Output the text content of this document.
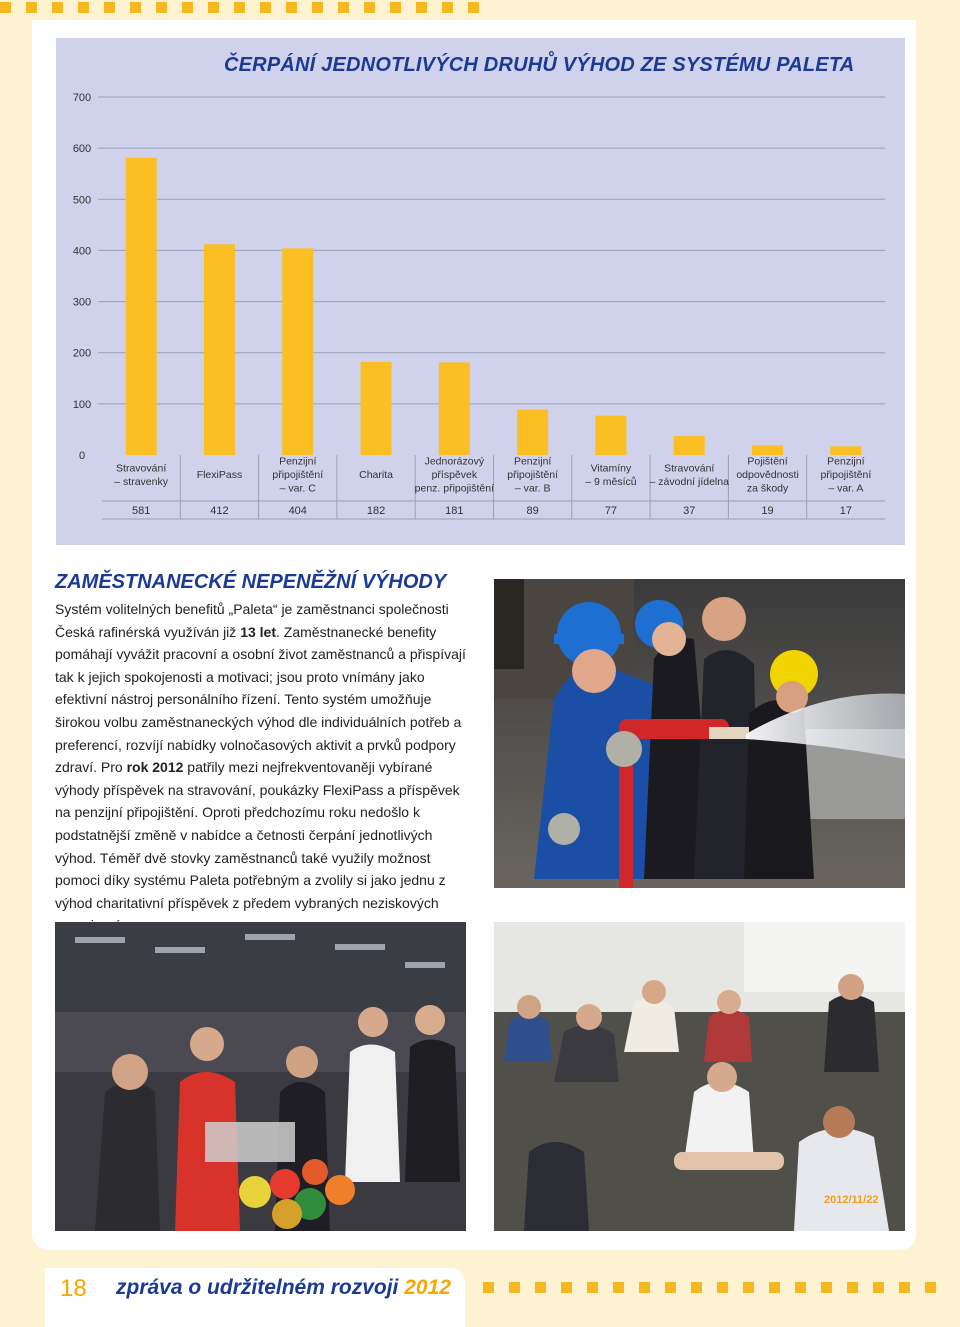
0
100
200
300
400
500
600
700
Stravování
– stravenky
581
FlexiPass
412
Penzijní
připojištění
– var. C
404
Charita
182
Jednorázový
příspěvek
penz. připojištění
181
Penzijní
připojištění
– var. B
89
Vitamíny
– 9 měsíců
77
Stravování
– závodní jídelna
37
Pojištění
odpovědnosti
za škody
19
Penzijní
připojištění
– var. A
17
ČERPÁNÍ JEDNOTLIVÝCH DRUHŮ VÝHOD ZE SYSTÉMU PALETA
ZAMĚSTNANECKÉ NEPENĚŽNÍ VÝHODY

Systém volitelných benefitů „Paleta“ je zaměstnanci společnosti Česká rafinérská využíván již 13 let. Zaměstnanecké benefity pomáhají vyvážit pracovní a osobní život zaměstnanců a přispívají tak k jejich spokojenosti a motivaci; jsou proto vnímány jako efektivní nástroj personálního řízení. Tento systém umožňuje širokou volbu zaměstnaneckých výhod dle individuálních potřeb a preferencí, rozvíjí nabídky volnočasových aktivit a prvků podpory zdraví. Pro rok 2012 patřily mezi nejfrekventovaněji vybírané výhody příspěvek na stravování, poukázky FlexiPass a příspěvek na penzijní připojištění. Oproti předchozímu roku nedošlo k podstatnější změně v nabídce a četnosti čerpání jednotlivých výhod. Téměř dvě stovky zaměstnanců také využily možnost pomoci díky systému Paleta potřebným a zvolily si jako jednu z výhod charitativní příspěvek z předem vybraných neziskových

2012/11/22
18 zpráva o udržitelném rozvoji 2012
